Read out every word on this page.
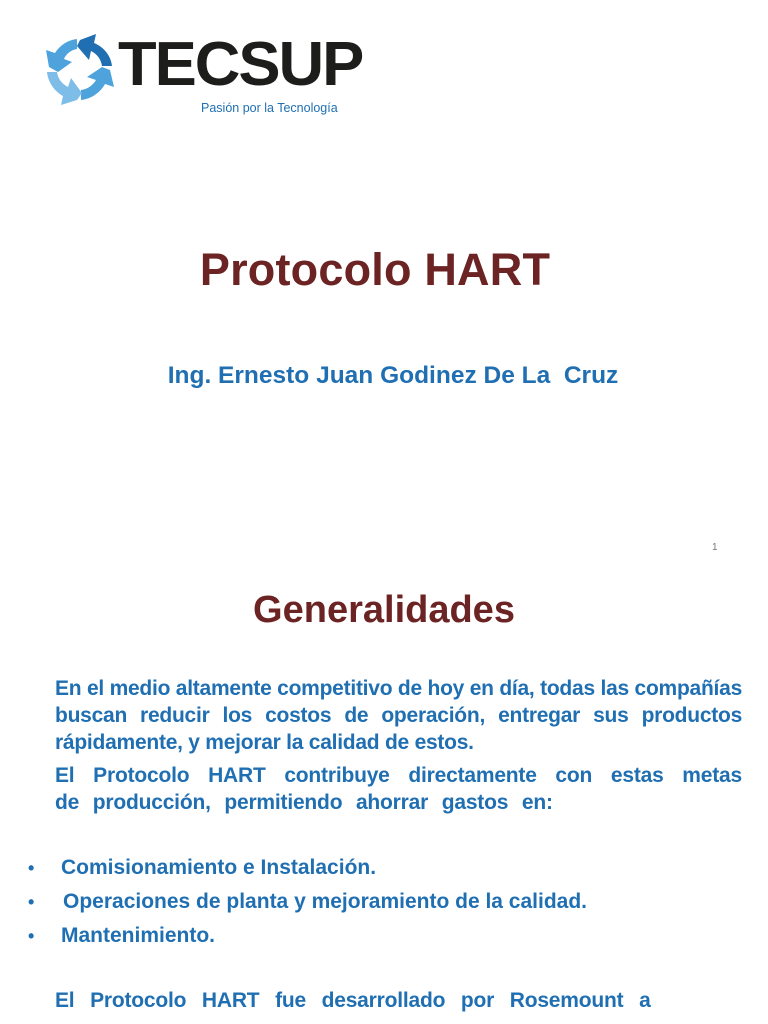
TECSUP
Pasión por la Tecnología
Protocolo HART
Ing. Ernesto Juan Godinez De La  Cruz
1
Generalidades
En el medio altamente competitivo de hoy en día, todas las compañías buscan reducir los costos de operación, entregar sus productos rápidamente, y mejorar la calidad de estos.
El Protocolo HART contribuye directamente con estas metas de producción, permitiendo ahorrar gastos en:
• Comisionamiento e Instalación.
• Operaciones de planta y mejoramiento de la calidad.
• Mantenimiento.
El Protocolo HART fue desarrollado por Rosemount a
